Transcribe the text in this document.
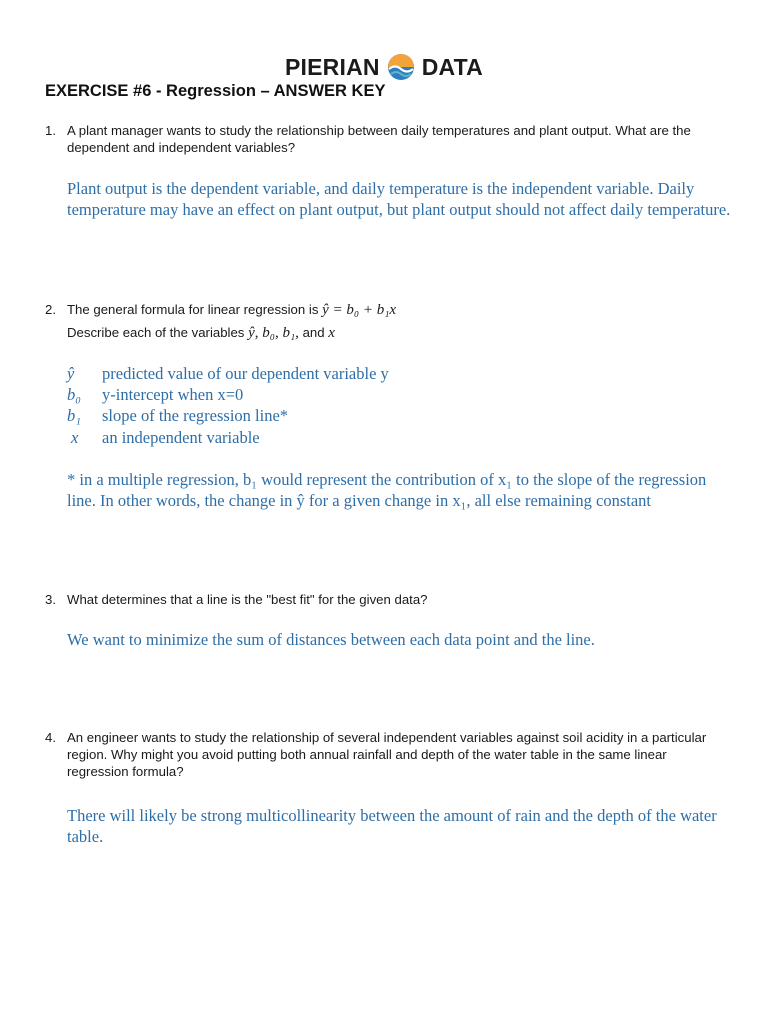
PIERIAN DATA
EXERCISE #6 - Regression – ANSWER KEY
1. A plant manager wants to study the relationship between daily temperatures and plant output. What are the dependent and independent variables?
Plant output is the dependent variable, and daily temperature is the independent variable. Daily temperature may have an effect on plant output, but plant output should not affect daily temperature.
2. The general formula for linear regression is ŷ = b₀ + b₁x
Describe each of the variables ŷ, b₀, b₁, and x
ŷ	predicted value of our dependent variable y
b₀	y-intercept when x=0
b₁	slope of the regression line*
x	an independent variable
* in a multiple regression, b₁ would represent the contribution of x₁ to the slope of the regression line. In other words, the change in ŷ for a given change in x₁, all else remaining constant
3. What determines that a line is the "best fit" for the given data?
We want to minimize the sum of distances between each data point and the line.
4. An engineer wants to study the relationship of several independent variables against soil acidity in a particular region. Why might you avoid putting both annual rainfall and depth of the water table in the same linear regression formula?
There will likely be strong multicollinearity between the amount of rain and the depth of the water table.
